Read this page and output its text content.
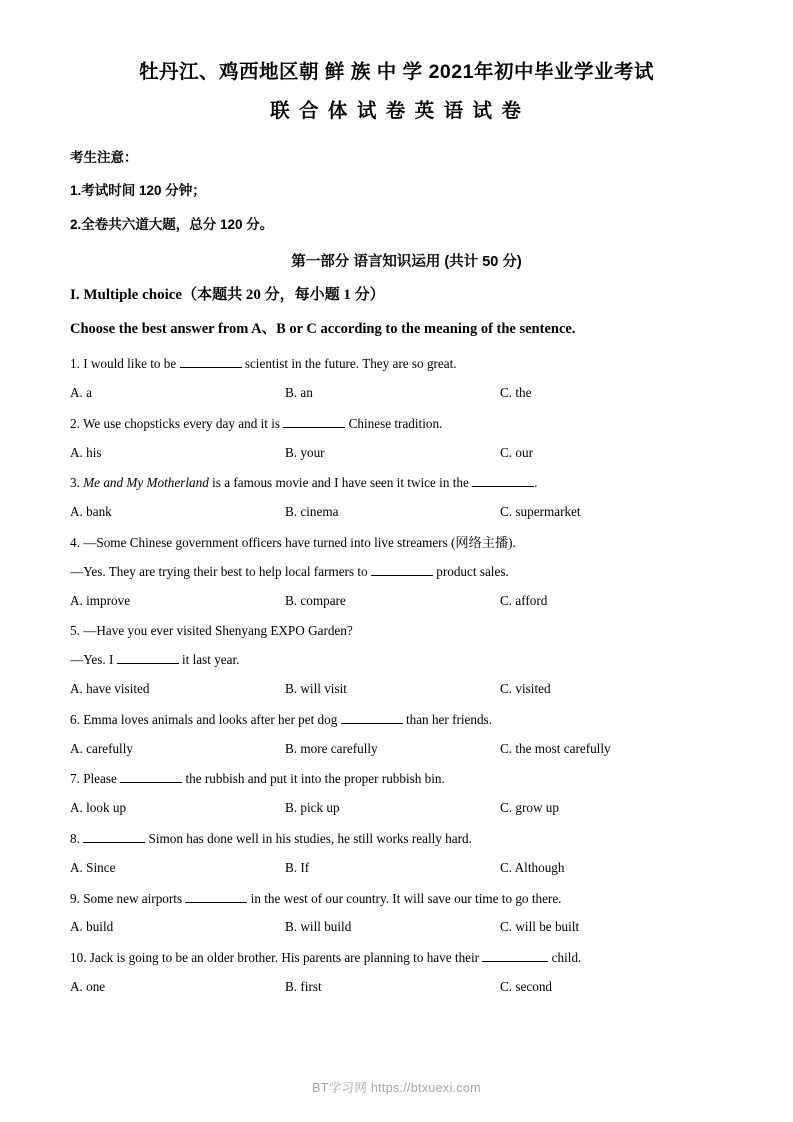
牡丹江、鸡西地区朝 鲜 族 中 学 2021年初中毕业学业考试
联 合 体 试 卷 英 语 试 卷
考生注意：
1.考试时间 120 分钟；
2.全卷共六道大题，总分 120 分。
第一部分 语言知识运用 (共计 50 分)
I. Multiple choice（本题共 20 分，每小题 1 分）
Choose the best answer from A、B or C according to the meaning of the sentence.
1. I would like to be	scientist in the future. They are so great.
A. a	B. an	C. the
2. We use chopsticks every day and it is	Chinese tradition.
A. his	B. your	C. our
3. Me and My Motherland is a famous movie and I have seen it twice in the	.
A. bank	B. cinema	C. supermarket
4. —Some Chinese government officers have turned into live streamers (网络主播).
—Yes. They are trying their best to help local farmers to	product sales.
A. improve	B. compare	C. afford
5. —Have you ever visited Shenyang EXPO Garden?
—Yes. I	it last year.
A. have visited	B. will visit	C. visited
6. Emma loves animals and looks after her pet dog	than her friends.
A. carefully	B. more carefully	C. the most carefully
7. Please	the rubbish and put it into the proper rubbish bin.
A. look up	B. pick up	C. grow up
8.	Simon has done well in his studies, he still works really hard.
A. Since	B. If	C. Although
9. Some new airports	in the west of our country. It will save our time to go there.
A. build	B. will build	C. will be built
10. Jack is going to be an older brother. His parents are planning to have their	child.
A. one	B. first	C. second
BT学习网 https://btxuexi.com
